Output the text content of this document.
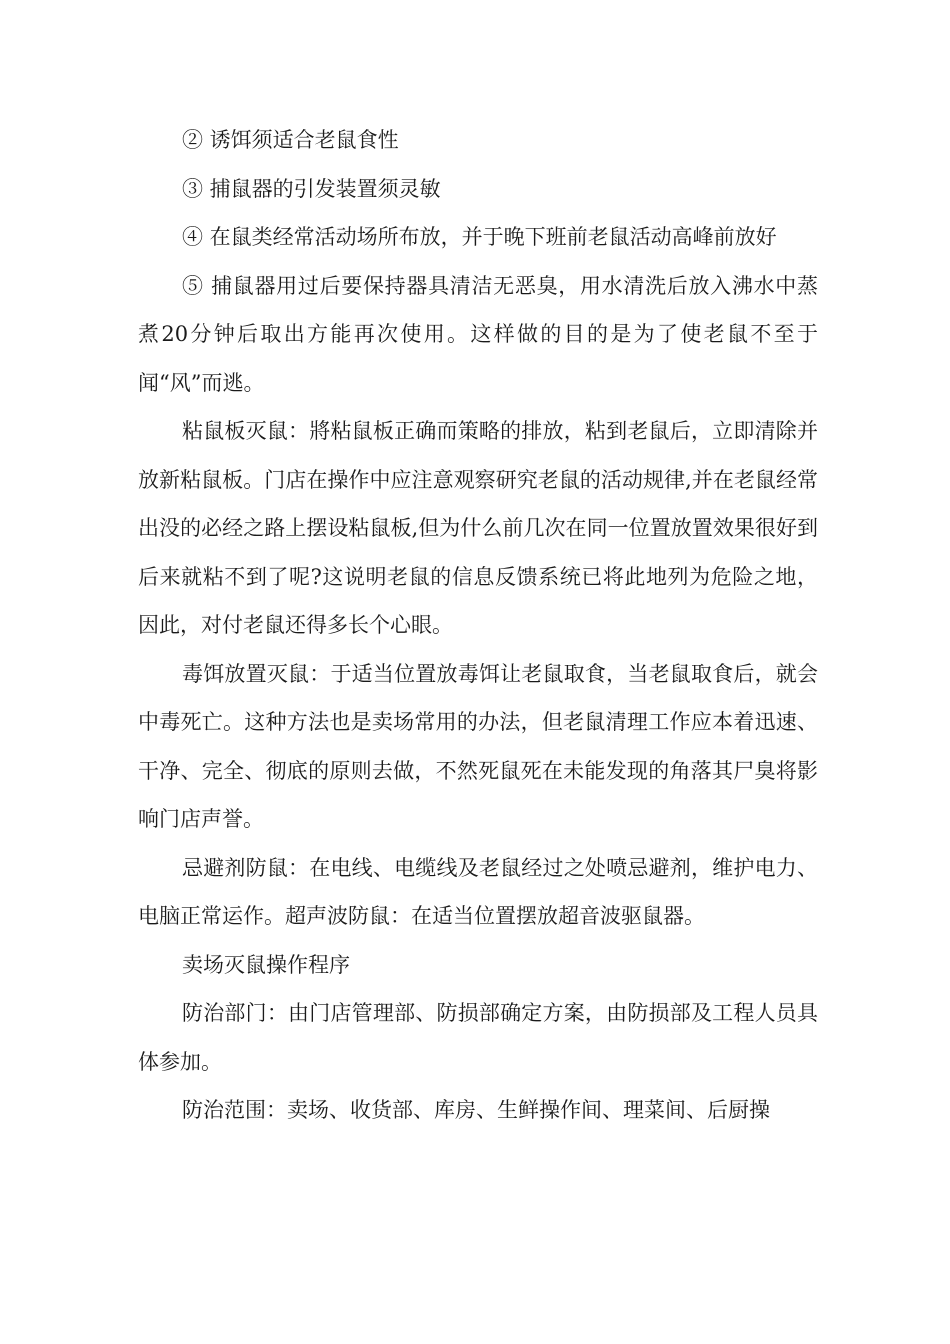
② 诱饵须适合老鼠食性

③ 捕鼠器的引发装置须灵敏

④ 在鼠类经常活动场所布放，并于晚下班前老鼠活动高峰前放好

⑤ 捕鼠器用过后要保持器具清洁无恶臭，用水清洗后放入沸水中蒸煮20分钟后取出方能再次使用。这样做的目的是为了使老鼠不至于闻“风”而逃。

粘鼠板灭鼠：將粘鼠板正确而策略的排放，粘到老鼠后，立即清除并放新粘鼠板。门店在操作中应注意观察研究老鼠的活动规律,并在老鼠经常出没的必经之路上摆设粘鼠板,但为什么前几次在同一位置放置效果很好到后来就粘不到了呢?这说明老鼠的信息反馈系统已将此地列为危险之地，因此，对付老鼠还得多长个心眼。

毒饵放置灭鼠：于适当位置放毒饵让老鼠取食，当老鼠取食后，就会中毒死亡。这种方法也是卖场常用的办法，但老鼠清理工作应本着迅速、干净、完全、彻底的原则去做，不然死鼠死在未能发现的角落其尸臭将影响门店声誉。

忌避剂防鼠：在电线、电缆线及老鼠经过之处喷忌避剂，维护电力、电脑正常运作。超声波防鼠：在适当位置摆放超音波驱鼠器。

卖场灭鼠操作程序

防治部门：由门店管理部、防损部确定方案，由防损部及工程人员具体参加。

防治范围：卖场、收货部、库房、生鲜操作间、理菜间、后厨操
